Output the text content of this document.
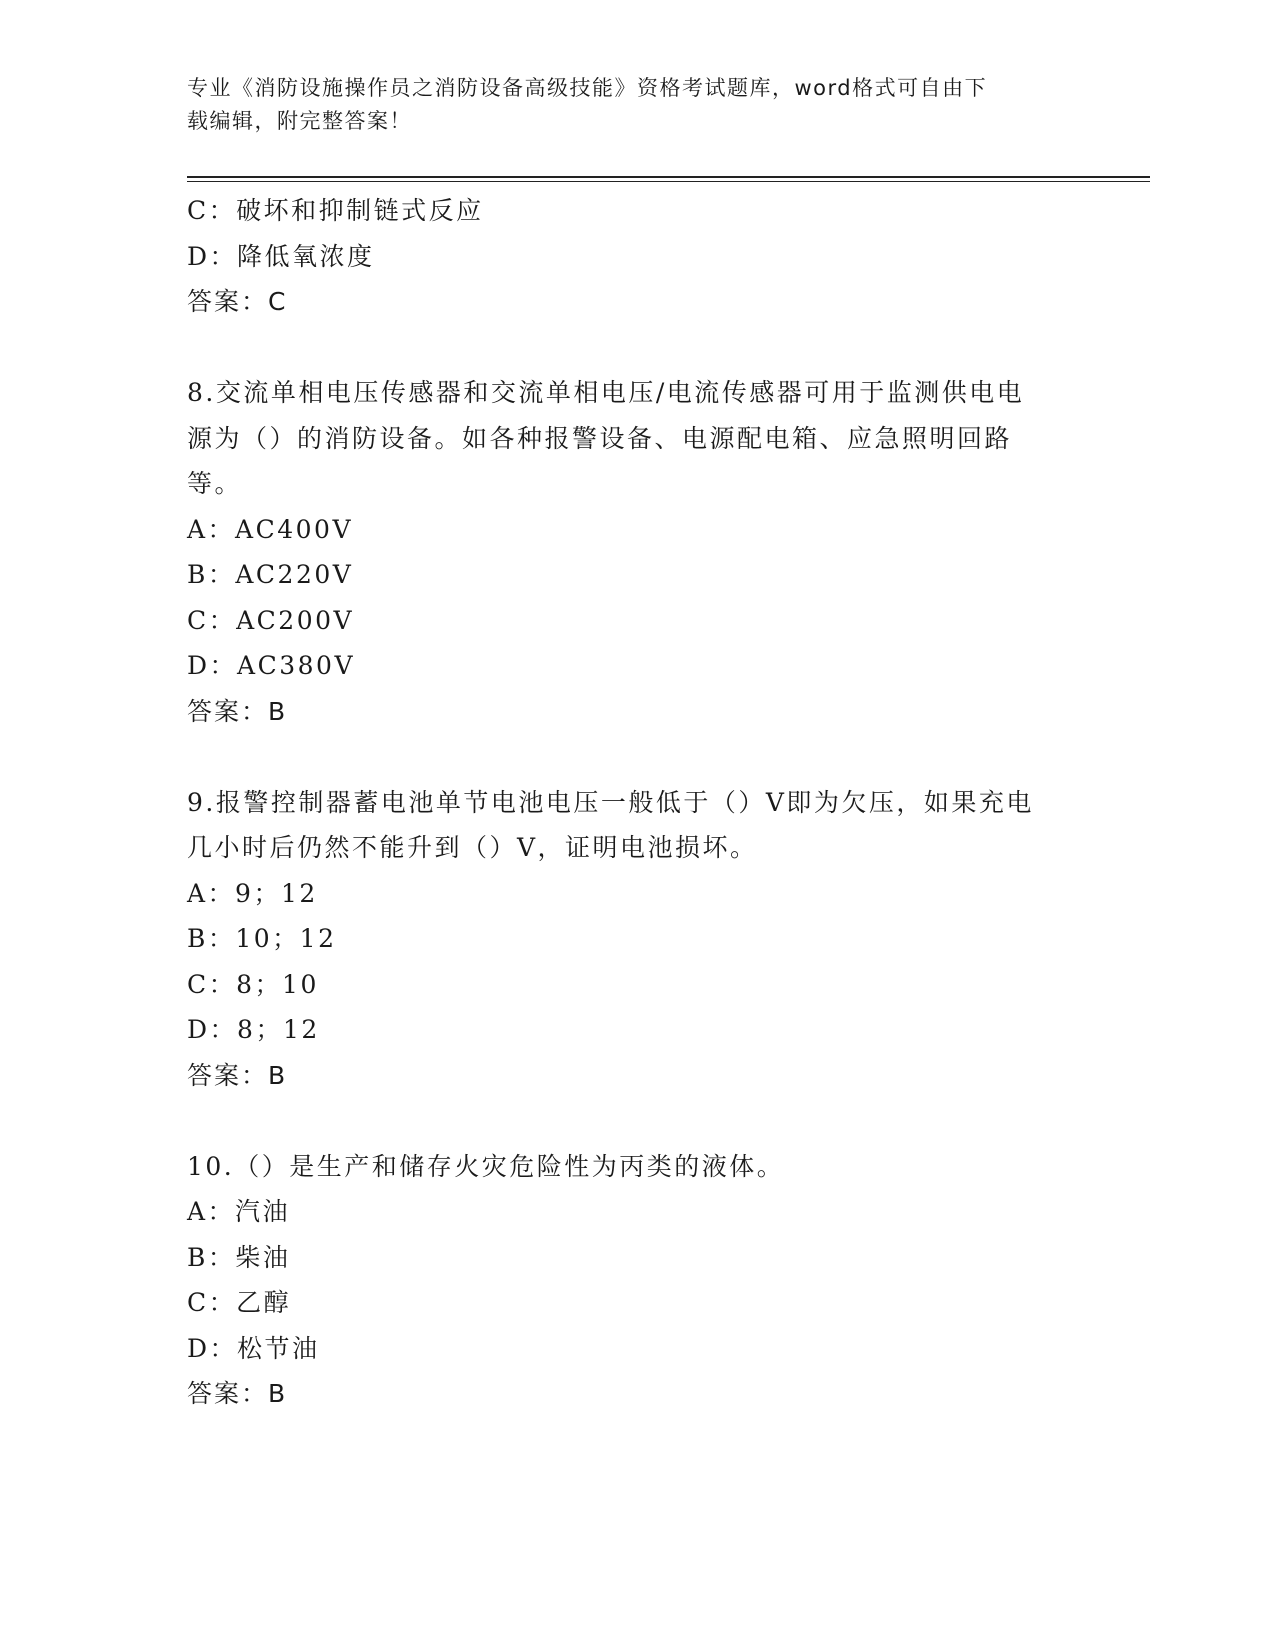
专业《消防设施操作员之消防设备高级技能》资格考试题库，word格式可自由下
载编辑，附完整答案！
C：破坏和抑制链式反应
D：降低氧浓度
答案：C
8.交流单相电压传感器和交流单相电压/电流传感器可用于监测供电电
源为（）的消防设备。如各种报警设备、电源配电箱、应急照明回路
等。
A：AC400V
B：AC220V
C：AC200V
D：AC380V
答案：B
9.报警控制器蓄电池单节电池电压一般低于（）V即为欠压，如果充电
几小时后仍然不能升到（）V，证明电池损坏。
A：9；12
B：10；12
C：8；10
D：8；12
答案：B
10.（）是生产和储存火灾危险性为丙类的液体。
A：汽油
B：柴油
C：乙醇
D：松节油
答案：B
